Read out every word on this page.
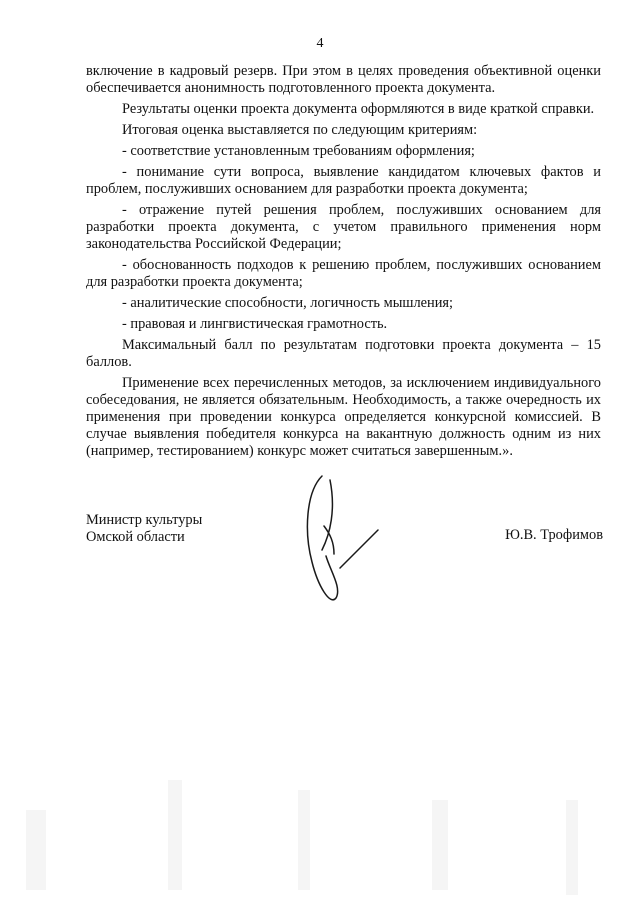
4

включение в кадровый резерв. При этом в целях проведения объективной оценки обеспечивается анонимность подготовленного проекта документа.

Результаты оценки проекта документа оформляются в виде краткой справки.

Итоговая оценка выставляется по следующим критериям:

- соответствие установленным требованиям оформления;

- понимание сути вопроса, выявление кандидатом ключевых фактов и проблем, послуживших основанием для разработки проекта документа;

- отражение путей решения проблем, послуживших основанием для разработки проекта документа, с учетом правильного применения норм законодательства Российской Федерации;

- обоснованность подходов к решению проблем, послуживших основанием для разработки проекта документа;

- аналитические способности, логичность мышления;

- правовая и лингвистическая грамотность.

Максимальный балл по результатам подготовки проекта документа – 15 баллов.

Применение всех перечисленных методов, за исключением индивидуального собеседования, не является обязательным. Необходимость, а также очередность их применения при проведении конкурса определяется конкурсной комиссией. В случае выявления победителя конкурса на вакантную должность одним из них (например, тестированием) конкурс может считаться завершенным.».

Министр культуры
Омской области	Ю.В. Трофимов
